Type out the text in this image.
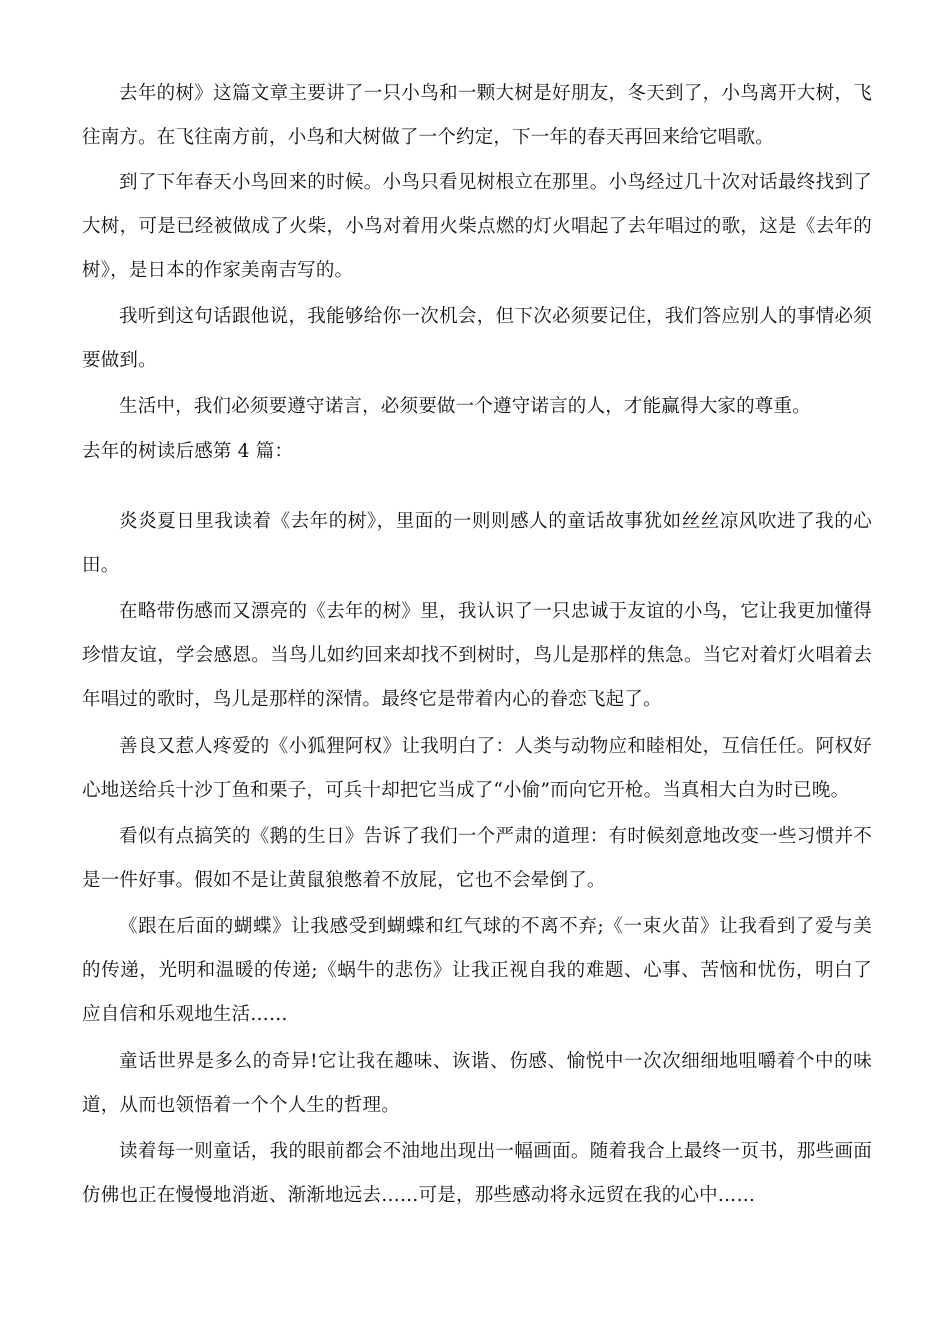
去年的树》这篇文章主要讲了一只小鸟和一颗大树是好朋友，冬天到了，小鸟离开大树，飞往南方。在飞往南方前，小鸟和大树做了一个约定，下一年的春天再回来给它唱歌。

到了下年春天小鸟回来的时候。小鸟只看见树根立在那里。小鸟经过几十次对话最终找到了大树，可是已经被做成了火柴，小鸟对着用火柴点燃的灯火唱起了去年唱过的歌，这是《去年的树》，是日本的作家美南吉写的。

我听到这句话跟他说，我能够给你一次机会，但下次必须要记住，我们答应别人的事情必须要做到。

生活中，我们必须要遵守诺言，必须要做一个遵守诺言的人，才能赢得大家的尊重。

去年的树读后感第 4 篇：

炎炎夏日里我读着《去年的树》，里面的一则则感人的童话故事犹如丝丝凉风吹进了我的心田。

在略带伤感而又漂亮的《去年的树》里，我认识了一只忠诚于友谊的小鸟，它让我更加懂得珍惜友谊，学会感恩。当鸟儿如约回来却找不到树时，鸟儿是那样的焦急。当它对着灯火唱着去年唱过的歌时，鸟儿是那样的深情。最终它是带着内心的眷恋飞起了。

善良又惹人疼爱的《小狐狸阿权》让我明白了：人类与动物应和睦相处，互信任任。阿权好心地送给兵十沙丁鱼和栗子，可兵十却把它当成了“小偷”而向它开枪。当真相大白为时已晚。

看似有点搞笑的《鹅的生日》告诉了我们一个严肃的道理：有时候刻意地改变一些习惯并不是一件好事。假如不是让黄鼠狼憋着不放屁，它也不会晕倒了。

《跟在后面的蝴蝶》让我感受到蝴蝶和红气球的不离不弃;《一束火苗》让我看到了爱与美的传递，光明和温暖的传递;《蜗牛的悲伤》让我正视自我的难题、心事、苦恼和忧伤，明白了应自信和乐观地生活……

童话世界是多么的奇异!它让我在趣味、诙谐、伤感、愉悦中一次次细细地咀嚼着个中的味道，从而也领悟着一个个人生的哲理。

读着每一则童话，我的眼前都会不油地出现出一幅画面。随着我合上最终一页书，那些画面仿佛也正在慢慢地消逝、渐渐地远去……可是，那些感动将永远贸在我的心中……
